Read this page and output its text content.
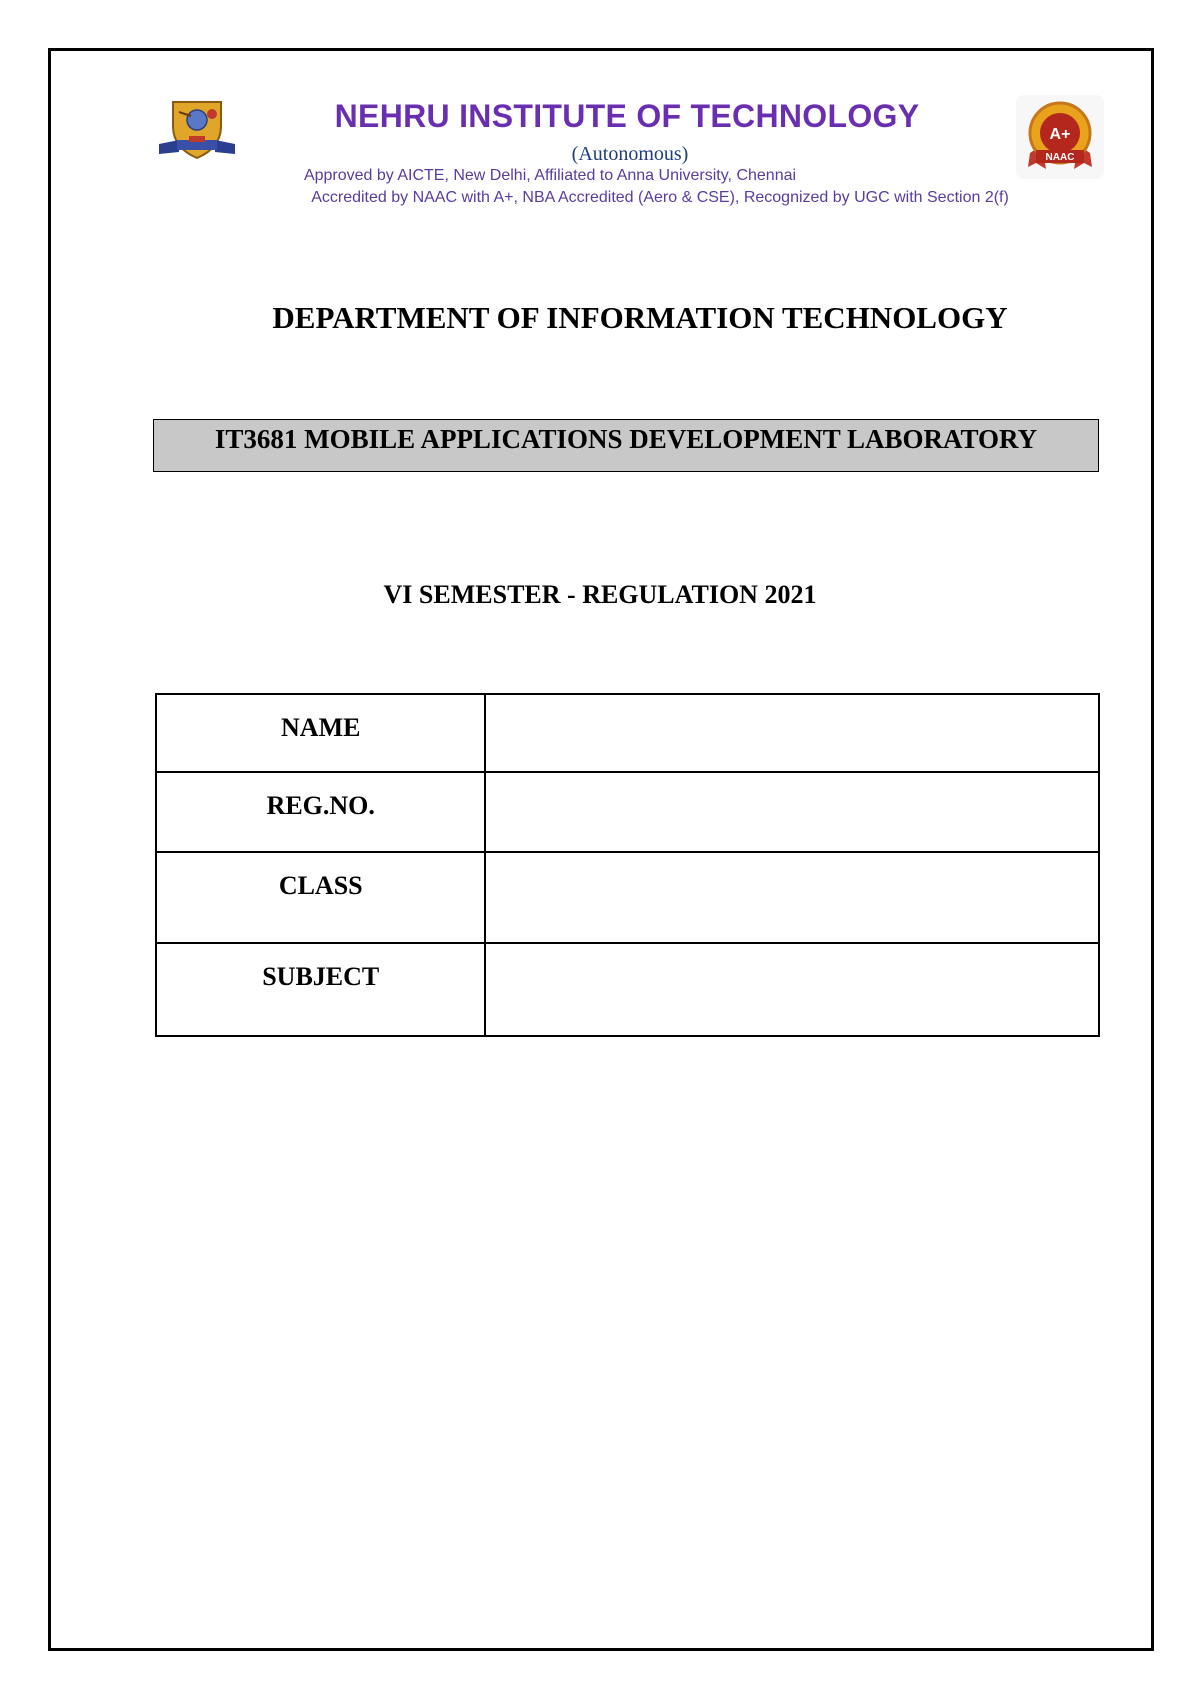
NEHRU INSTITUTE OF TECHNOLOGY
(Autonomous)
Approved by AICTE, New Delhi, Affiliated to Anna University, Chennai
Accredited by NAAC with A+, NBA Accredited (Aero & CSE), Recognized by UGC with Section 2(f)
A+
NAAC
DEPARTMENT OF INFORMATION TECHNOLOGY
IT3681 MOBILE APPLICATIONS DEVELOPMENT LABORATORY
VI SEMESTER - REGULATION 2021
NAME	
REG.NO.	
CLASS	
SUBJECT	
